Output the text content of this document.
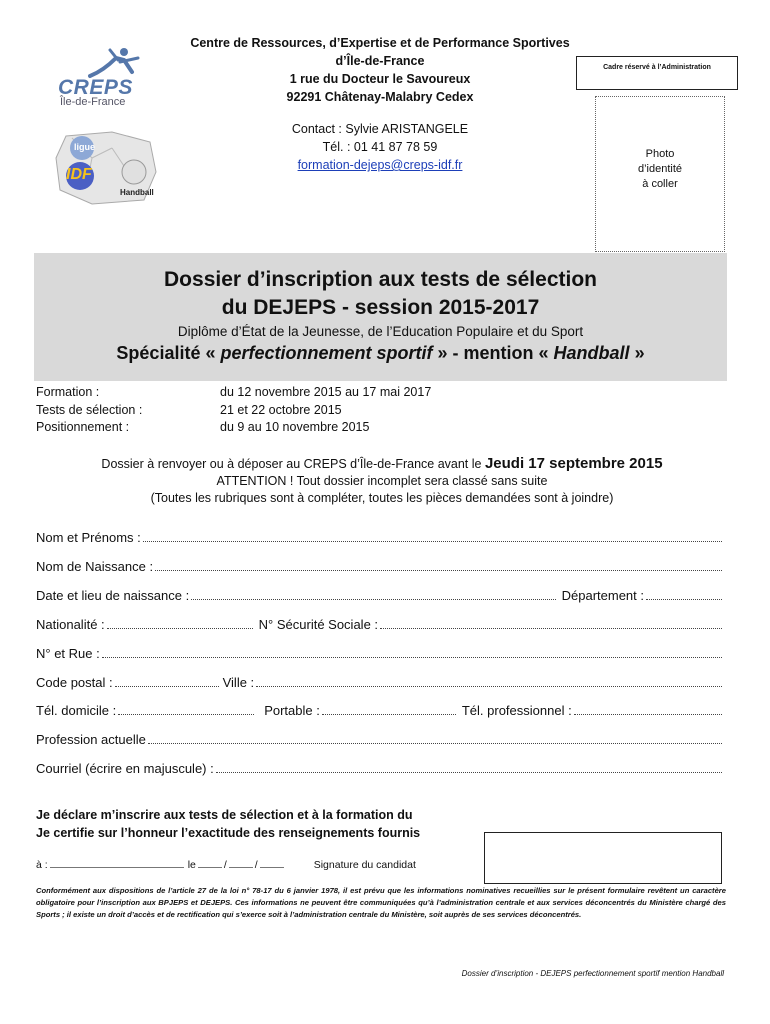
CREPS
Île-de-France
ligue
IDF
Handball
Centre de Ressources, d’Expertise et de Performance Sportives
d’Île-de-France
1 rue du Docteur le Savoureux
92291 Châtenay-Malabry Cedex
Contact : Sylvie ARISTANGELE
Tél. : 01 41 87 78 59
formation-dejeps@creps-idf.fr
Cadre réservé à l’Administration
Photo
d’identité
à coller
Dossier d’inscription aux tests de sélection
du DEJEPS - session 2015-2017
Diplôme d’État de la Jeunesse, de l’Education Populaire et du Sport
Spécialité « perfectionnement sportif » - mention « Handball »
Formation :	du 12 novembre 2015 au 17 mai 2017
Tests de sélection :	21 et 22 octobre 2015
Positionnement :	du 9 au 10 novembre 2015
Dossier à renvoyer ou à déposer au CREPS d’Île-de-France avant le Jeudi 17 septembre 2015
ATTENTION ! Tout dossier incomplet sera classé sans suite
(Toutes les rubriques sont à compléter, toutes les pièces demandées sont à joindre)
Nom et Prénoms :
Nom de Naissance :
Date et lieu de naissance :	Département :
Nationalité :	N° Sécurité Sociale :
N° et Rue :
Code postal :	Ville :
Tél. domicile :	Portable :	Tél. professionnel :
Profession actuelle
Courriel (écrire en majuscule) :
Je déclare m’inscrire aux tests de sélection et à la formation du
Je certifie sur l’honneur l’exactitude des renseignements fournis
à :	le	/	/	Signature du candidat
Conformément aux dispositions de l’article 27 de la loi n° 78-17 du 6 janvier 1978, il est prévu que les informations nominatives recueillies sur le présent formulaire revêtent un caractère obligatoire pour l’inscription aux BPJEPS et DEJEPS. Ces informations ne peuvent être communiquées qu’à l’administration centrale et aux services déconcentrés du Ministère chargé des Sports ; il existe un droit d’accès et de rectification qui s’exerce soit à l’administration centrale du Ministère, soit auprès de ses services déconcentrés.
Dossier d’inscription - DEJEPS perfectionnement sportif mention Handball
